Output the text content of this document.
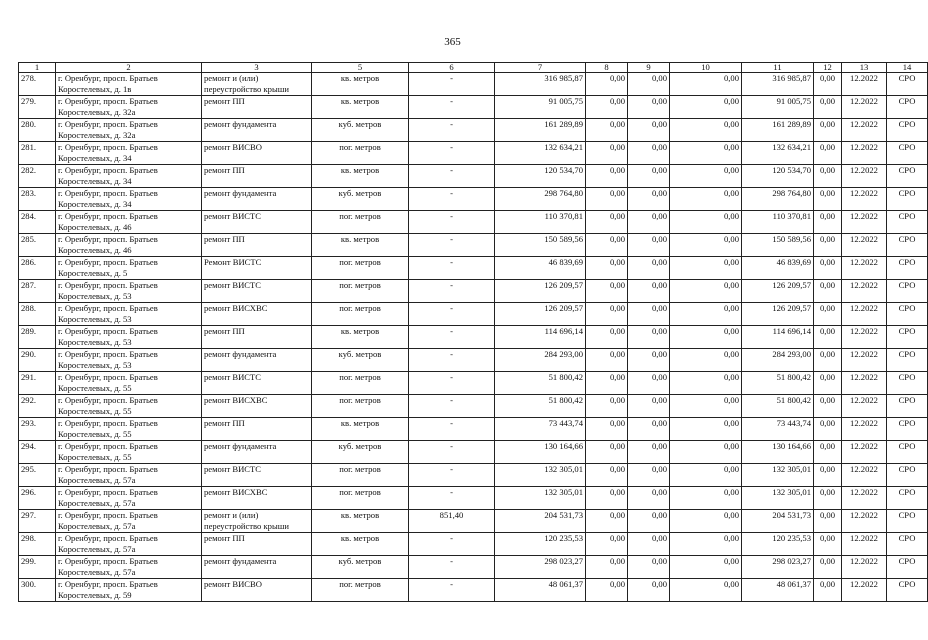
365
1	2	3	5	6	7	8	9	10	11	12	13	14
278.	г. Оренбург, просп. Братьев Коростелевых, д. 1в	ремонт и (или) переустройство крыши	кв. метров	-	316 985,87	0,00	0,00	0,00	316 985,87	0,00	12.2022	СРО
279.	г. Оренбург, просп. Братьев Коростелевых, д. 32а	ремонт ПП	кв. метров	-	91 005,75	0,00	0,00	0,00	91 005,75	0,00	12.2022	СРО
280.	г. Оренбург, просп. Братьев Коростелевых, д. 32а	ремонт фундамента	куб. метров	-	161 289,89	0,00	0,00	0,00	161 289,89	0,00	12.2022	СРО
281.	г. Оренбург, просп. Братьев Коростелевых, д. 34	ремонт ВИСВО	пог. метров	-	132 634,21	0,00	0,00	0,00	132 634,21	0,00	12.2022	СРО
282.	г. Оренбург, просп. Братьев Коростелевых, д. 34	ремонт ПП	кв. метров	-	120 534,70	0,00	0,00	0,00	120 534,70	0,00	12.2022	СРО
283.	г. Оренбург, просп. Братьев Коростелевых, д. 34	ремонт фундамента	куб. метров	-	298 764,80	0,00	0,00	0,00	298 764,80	0,00	12.2022	СРО
284.	г. Оренбург, просп. Братьев Коростелевых, д. 46	ремонт ВИСТС	пог. метров	-	110 370,81	0,00	0,00	0,00	110 370,81	0,00	12.2022	СРО
285.	г. Оренбург, просп. Братьев Коростелевых, д. 46	ремонт ПП	кв. метров	-	150 589,56	0,00	0,00	0,00	150 589,56	0,00	12.2022	СРО
286.	г. Оренбург, просп. Братьев Коростелевых, д. 5	Ремонт ВИСТС	пог. метров	-	46 839,69	0,00	0,00	0,00	46 839,69	0,00	12.2022	СРО
287.	г. Оренбург, просп. Братьев Коростелевых, д. 53	ремонт ВИСТС	пог. метров	-	126 209,57	0,00	0,00	0,00	126 209,57	0,00	12.2022	СРО
288.	г. Оренбург, просп. Братьев Коростелевых, д. 53	ремонт ВИСХВС	пог. метров	-	126 209,57	0,00	0,00	0,00	126 209,57	0,00	12.2022	СРО
289.	г. Оренбург, просп. Братьев Коростелевых, д. 53	ремонт ПП	кв. метров	-	114 696,14	0,00	0,00	0,00	114 696,14	0,00	12.2022	СРО
290.	г. Оренбург, просп. Братьев Коростелевых, д. 53	ремонт фундамента	куб. метров	-	284 293,00	0,00	0,00	0,00	284 293,00	0,00	12.2022	СРО
291.	г. Оренбург, просп. Братьев Коростелевых, д. 55	ремонт ВИСТС	пог. метров	-	51 800,42	0,00	0,00	0,00	51 800,42	0,00	12.2022	СРО
292.	г. Оренбург, просп. Братьев Коростелевых, д. 55	ремонт ВИСХВС	пог. метров	-	51 800,42	0,00	0,00	0,00	51 800,42	0,00	12.2022	СРО
293.	г. Оренбург, просп. Братьев Коростелевых, д. 55	ремонт ПП	кв. метров	-	73 443,74	0,00	0,00	0,00	73 443,74	0,00	12.2022	СРО
294.	г. Оренбург, просп. Братьев Коростелевых, д. 55	ремонт фундамента	куб. метров	-	130 164,66	0,00	0,00	0,00	130 164,66	0,00	12.2022	СРО
295.	г. Оренбург, просп. Братьев Коростелевых, д. 57а	ремонт ВИСТС	пог. метров	-	132 305,01	0,00	0,00	0,00	132 305,01	0,00	12.2022	СРО
296.	г. Оренбург, просп. Братьев Коростелевых, д. 57а	ремонт ВИСХВС	пог. метров	-	132 305,01	0,00	0,00	0,00	132 305,01	0,00	12.2022	СРО
297.	г. Оренбург, просп. Братьев Коростелевых, д. 57а	ремонт и (или) переустройство крыши	кв. метров	851,40	204 531,73	0,00	0,00	0,00	204 531,73	0,00	12.2022	СРО
298.	г. Оренбург, просп. Братьев Коростелевых, д. 57а	ремонт ПП	кв. метров	-	120 235,53	0,00	0,00	0,00	120 235,53	0,00	12.2022	СРО
299.	г. Оренбург, просп. Братьев Коростелевых, д. 57а	ремонт фундамента	куб. метров	-	298 023,27	0,00	0,00	0,00	298 023,27	0,00	12.2022	СРО
300.	г. Оренбург, просп. Братьев Коростелевых, д. 59	ремонт ВИСВО	пог. метров	-	48 061,37	0,00	0,00	0,00	48 061,37	0,00	12.2022	СРО
